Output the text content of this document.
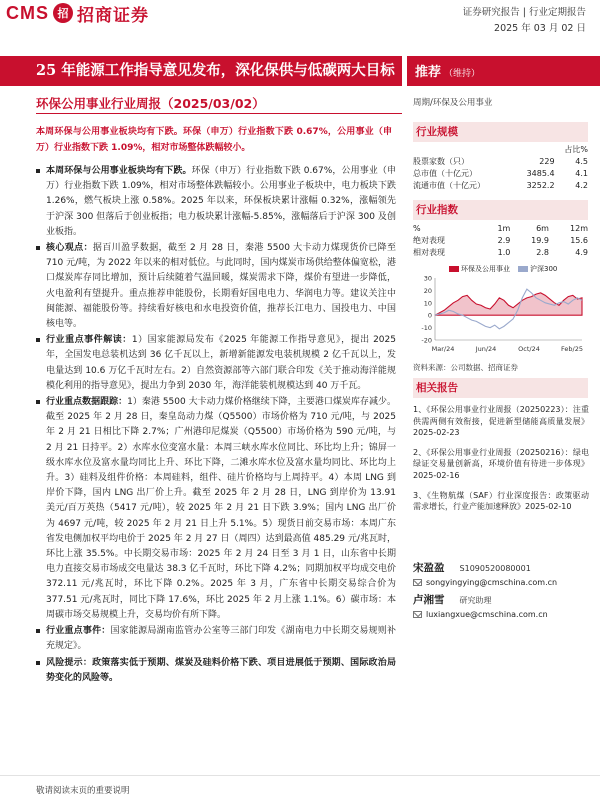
CMS 招 招商证券	证券研究报告 | 行业定期报告
2025 年 03 月 02 日
25 年能源工作指导意见发布，深化保供与低碳两大目标	推荐 （维持）
环保公用事业行业周报（2025/03/02）	周期/环保及公用事业
本周环保与公用事业板块均有下跌。环保（申万）行业指数下跌 0.67%，公用事业（申万）行业指数下跌 1.09%，相对市场整体跌幅较小。
本周环保与公用事业板块均有下跌。环保（申万）行业指数下跌 0.67%，公用事业（申万）行业指数下跌 1.09%，相对市场整体跌幅较小。公用事业子板块中，电力板块下跌 1.26%，燃气板块上涨 0.58%。2025 年以来，环保板块累计涨幅 0.32%，涨幅领先于沪深 300 但落后于创业板指；电力板块累计涨幅-5.85%，涨幅落后于沪深 300 及创业板指。
核心观点：据百川盈孚数据，截至 2 月 28 日，秦港 5500 大卡动力煤现货价已降至 710 元/吨，为 2022 年以来的相对低位。与此同时，国内煤炭市场供给整体偏宽松，港口煤炭库存同比增加，预计后续随着气温回暖，煤炭需求下降，煤价有望进一步降低，火电盈利有望提升。重点推荐申能股份，长期看好国电电力、华润电力等。建议关注中闽能源、福能股份等。持续看好核电和水电投资价值，推荐长江电力、国投电力、中国核电等。
行业重点事件解读：1）国家能源局发布《2025 年能源工作指导意见》，提出 2025 年，全国发电总装机达到 36 亿千瓦以上，新增新能源发电装机规模 2 亿千瓦以上，发电量达到 10.6 万亿千瓦时左右。2）自然资源部等六部门联合印发《关于推动海洋能规模化利用的指导意见》，提出力争到 2030 年，海洋能装机规模达到 40 万千瓦。
行业重点数据跟踪：1）秦港 5500 大卡动力煤价格继续下降，主要港口煤炭库存减少。截至 2025 年 2 月 28 日，秦皇岛动力煤（Q5500）市场价格为 710 元/吨，与 2025 年 2 月 21 日相比下降 2.7%；广州港印尼煤炭（Q5500）市场价格为 590 元/吨，与 2 月 21 日持平。2）水库水位变富水量：本周三峡水库水位同比、环比均上升；锦屏一级水库水位及富水量均同比上升、环比下降，二滩水库水位及富水量均同比、环比均上升。3）硅料及组件价格：本周硅料，组件、硅片价格均与上周持平。4）本周 LNG 到岸价下降，国内 LNG 出厂价上升。截至 2025 年 2 月 28 日，LNG 到岸价为 13.91 美元/百万英热（5417 元/吨），较 2025 年 2 月 21 日下跌 3.9%；国内 LNG 出厂价为 4697 元/吨，较 2025 年 2 月 21 日上升 5.1%。5）现货日前交易市场：本周广东省发电侧加权平均电价于 2025 年 2 月 27 日（周四）达到最高值 485.29 元/兆瓦时，环比上涨 35.5%。中长期交易市场：2025 年 2 月 24 日至 3 月 1 日，山东省中长期电力直接交易市场成交电量达 38.3 亿千瓦时，环比下降 4.2%；同期加权平均成交电价 372.11 元/兆瓦时，环比下降 0.2%。2025 年 3 月，广东省中长期交易综合价为 377.51 元/兆瓦时，同比下降 17.6%，环比 2025 年 2 月上涨 1.1%。6）碳市场：本周碳市场交易规模上升，交易均价有所下降。
行业重点事件：国家能源局湖南监管办公室等三部门印发《湖南电力中长期交易规则补充规定》。
风险提示：政策落实低于预期、煤炭及硅料价格下跌、项目进展低于预期、国际政治局势变化的风险等。
行业规模
		占比%
股票家数（只）	229	4.5
总市值（十亿元）	3485.4	4.1
流通市值（十亿元）	3252.2	4.2
行业指数
%	1m	6m	12m
绝对表现	2.9	19.9	15.6
相对表现	1.0	2.8	4.9
环保及公用事业	沪深300
-20
-10
0
10
20
30
Mar/24	Jun/24	Oct/24	Feb/25
资料来源：公司数据、招商证券
相关报告
1、《环保公用事业行业周报（20250223）：注重供需两侧有效衔接，促进新型储能高质量发展》2025-02-23
2、《环保公用事业行业周报（20250216）：绿电绿证交易量创新高，环境价值有待进一步体现》2025-02-16
3、《生物航煤（SAF）行业深度报告：政策驱动需求增长，行业产能加速释放》2025-02-10
宋盈盈 S1090520080001
songyingying@cmschina.com.cn
卢湘雪 研究助理
luxiangxue@cmschina.com.cn
敬请阅读末页的重要说明
